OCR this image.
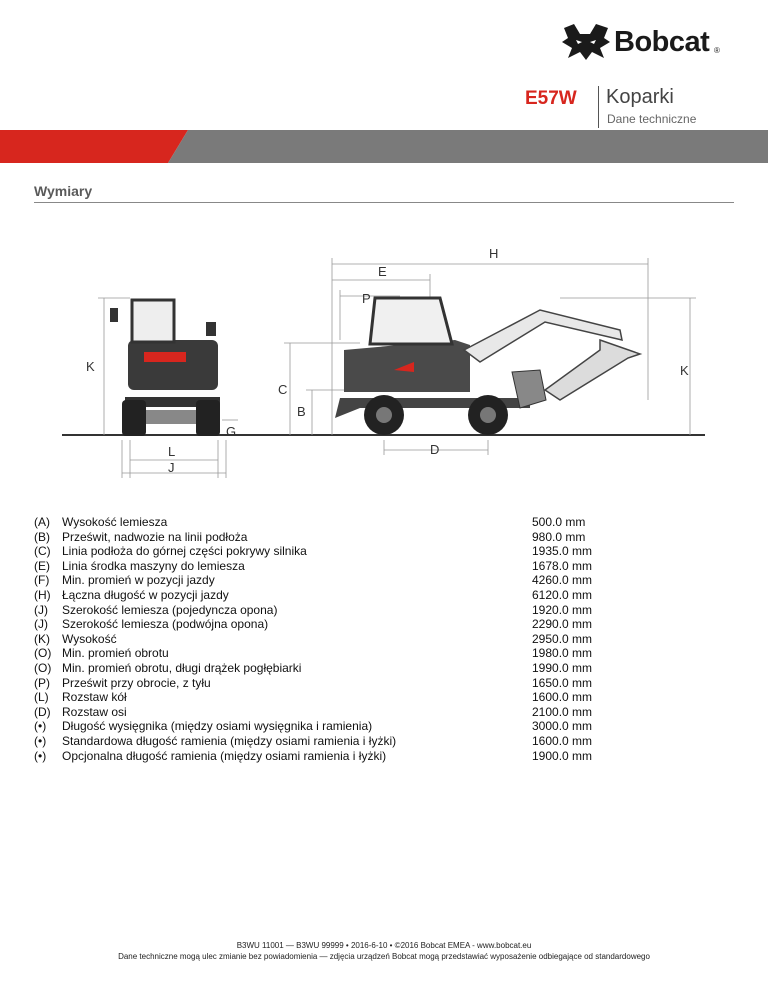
Bobcat ®
E57W Koparki
Dane techniczne
Wymiary
H
E
P
K	K
C
B
G
L
J
D
(A)	Wysokość lemiesza	500.0 mm
(B)	Prześwit, nadwozie na linii podłoża	980.0 mm
(C) Linia podłoża do górnej części pokrywy silnika	1935.0 mm
(E)	Linia środka maszyny do lemiesza	1678.0 mm
(F)	Min. promień w pozycji jazdy	4260.0 mm
(H) Łączna długość w pozycji jazdy	6120.0 mm
(J)	Szerokość lemiesza (pojedyncza opona)	1920.0 mm
(J)	Szerokość lemiesza (podwójna opona)	2290.0 mm
(K)	Wysokość	2950.0 mm
(O) Min. promień obrotu	1980.0 mm
(O) Min. promień obrotu, długi drążek pogłębiarki	1990.0 mm
(P)	Prześwit przy obrocie, z tyłu	1650.0 mm
(L)	Rozstaw kół	1600.0 mm
(D) Rozstaw osi	2100.0 mm
(•)	Długość wysięgnika (między osiami wysięgnika i ramienia)	3000.0 mm
(•)	Standardowa długość ramienia (między osiami ramienia i łyżki)	1600.0 mm
(•)	Opcjonalna długość ramienia (między osiami ramienia i łyżki)	1900.0 mm
B3WU 11001 — B3WU 99999 • 2016-6-10 • ©2016 Bobcat EMEA - www.bobcat.eu
Dane techniczne mogą ulec zmianie bez powiadomienia — zdjęcia urządzeń Bobcat mogą przedstawiać wyposażenie odbiegające od standardowego
